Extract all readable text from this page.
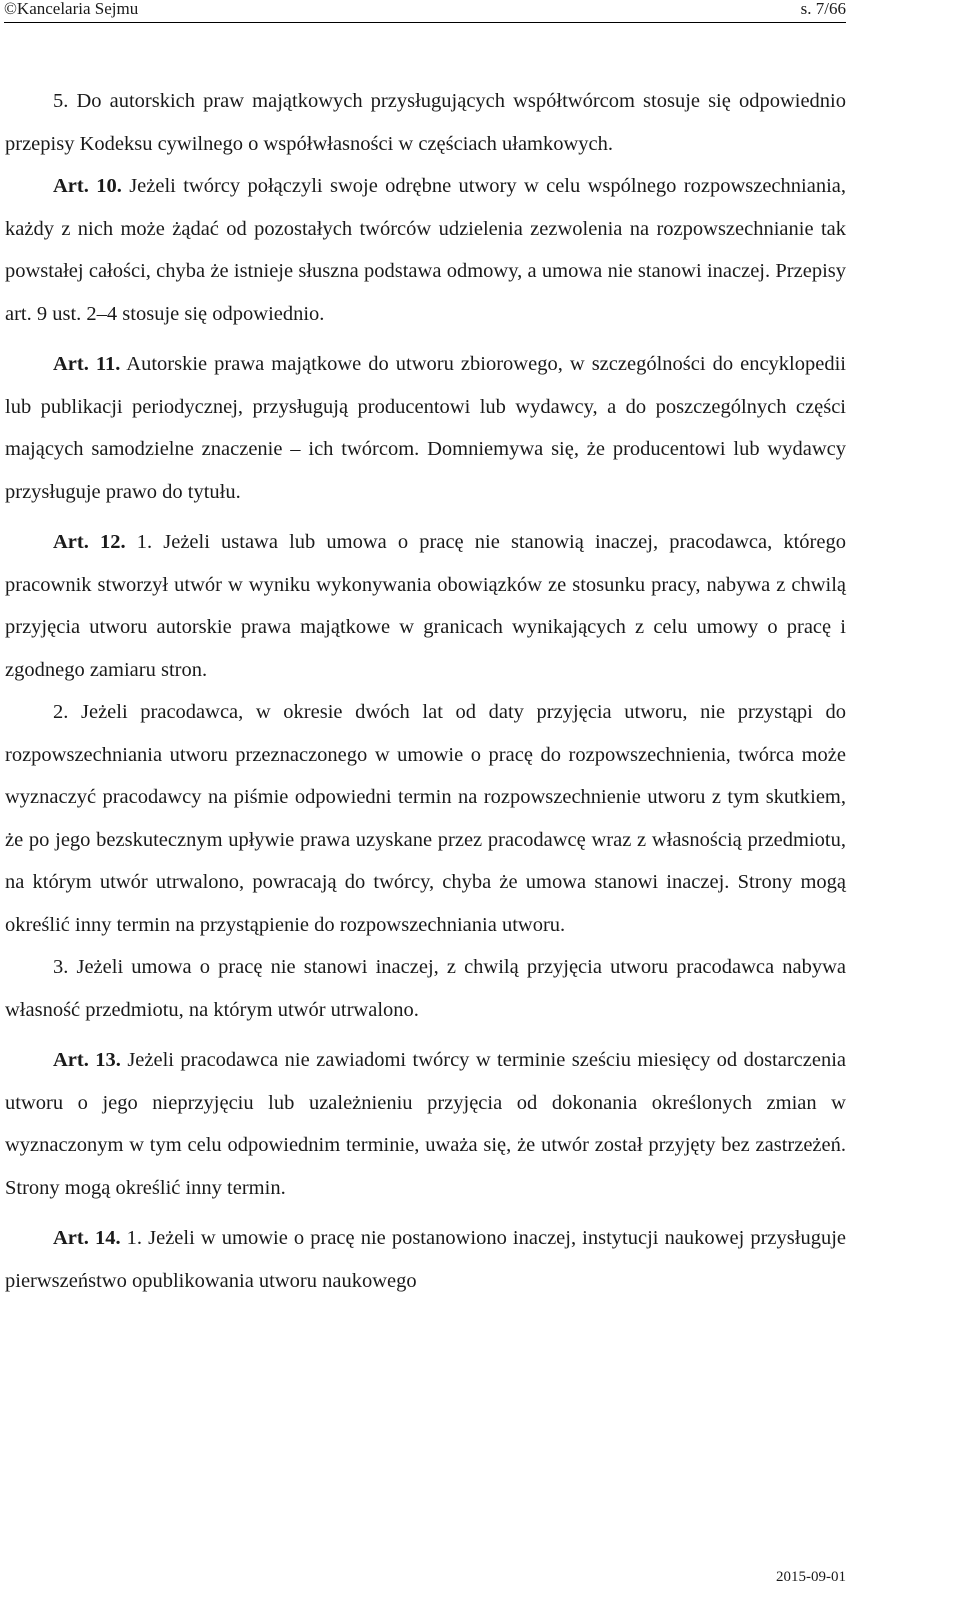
©Kancelaria Sejmu	s. 7/66

5. Do autorskich praw majątkowych przysługujących współtwórcom stosuje się odpowiednio przepisy Kodeksu cywilnego o współwłasności w częściach ułamkowych.

Art. 10. Jeżeli twórcy połączyli swoje odrębne utwory w celu wspólnego rozpowszechniania, każdy z nich może żądać od pozostałych twórców udzielenia zezwolenia na rozpowszechnianie tak powstałej całości, chyba że istnieje słuszna podstawa odmowy, a umowa nie stanowi inaczej. Przepisy art. 9 ust. 2–4 stosuje się odpowiednio.

Art. 11. Autorskie prawa majątkowe do utworu zbiorowego, w szczególności do encyklopedii lub publikacji periodycznej, przysługują producentowi lub wydawcy, a do poszczególnych części mających samodzielne znaczenie – ich twórcom. Domniemywa się, że producentowi lub wydawcy przysługuje prawo do tytułu.

Art. 12. 1. Jeżeli ustawa lub umowa o pracę nie stanowią inaczej, pracodawca, którego pracownik stworzył utwór w wyniku wykonywania obowiązków ze stosunku pracy, nabywa z chwilą przyjęcia utworu autorskie prawa majątkowe w granicach wynikających z celu umowy o pracę i zgodnego zamiaru stron.

2. Jeżeli pracodawca, w okresie dwóch lat od daty przyjęcia utworu, nie przystąpi do rozpowszechniania utworu przeznaczonego w umowie o pracę do rozpowszechnienia, twórca może wyznaczyć pracodawcy na piśmie odpowiedni termin na rozpowszechnienie utworu z tym skutkiem, że po jego bezskutecznym upływie prawa uzyskane przez pracodawcę wraz z własnością przedmiotu, na którym utwór utrwalono, powracają do twórcy, chyba że umowa stanowi inaczej. Strony mogą określić inny termin na przystąpienie do rozpowszechniania utworu.

3. Jeżeli umowa o pracę nie stanowi inaczej, z chwilą przyjęcia utworu pracodawca nabywa własność przedmiotu, na którym utwór utrwalono.

Art. 13. Jeżeli pracodawca nie zawiadomi twórcy w terminie sześciu miesięcy od dostarczenia utworu o jego nieprzyjęciu lub uzależnieniu przyjęcia od dokonania określonych zmian w wyznaczonym w tym celu odpowiednim terminie, uważa się, że utwór został przyjęty bez zastrzeżeń. Strony mogą określić inny termin.

Art. 14. 1. Jeżeli w umowie o pracę nie postanowiono inaczej, instytucji naukowej przysługuje pierwszeństwo opublikowania utworu naukowego

2015-09-01
